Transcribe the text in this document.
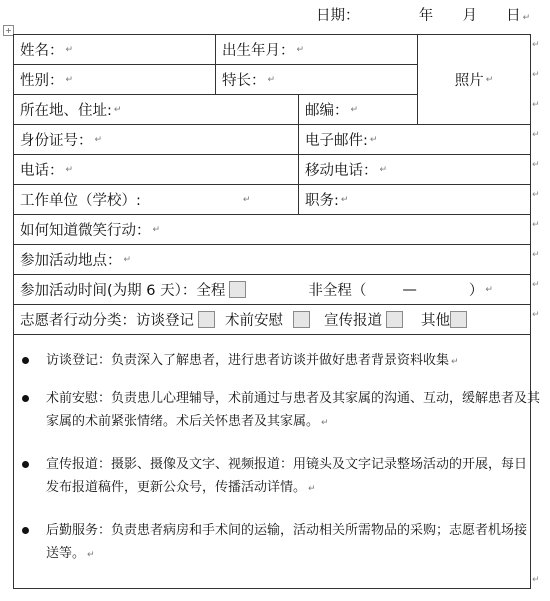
日期：	年 月 日 ↵
+
姓名： ↵	出生年月： ↵
照片 ↵
性别： ↵	特长： ↵
所在地、住址: ↵	邮编： ↵
身份证号： ↵	电子邮件: ↵
电话： ↵	移动电话： ↵
工作单位（学校）:	↵	职务: ↵
如何知道微笑行动： ↵
参加活动地点： ↵
参加活动时间(为期 6 天）：全程	非全程（ —	） ↵
志愿者行动分类：访谈登记 术前安慰	宣传报道	其他
访谈登记：负责深入了解患者，进行患者访谈并做好患者背景资料收集 ↵
术前安慰：负责患儿心理辅导，术前通过与患者及其家属的沟通、互动，缓解患者及其
家属的术前紧张情绪。术后关怀患者及其家属。 ↵
宣传报道：摄影、摄像及文字、视频报道：用镜头及文字记录整场活动的开展，每日
发布报道稿件，更新公众号，传播活动详情。 ↵
后勤服务：负责患者病房和手术间的运输，活动相关所需物品的采购；志愿者机场接
送等。 ↵
↵
↵
↵
↵
↵
↵
↵
↵
↵
↵
↵
